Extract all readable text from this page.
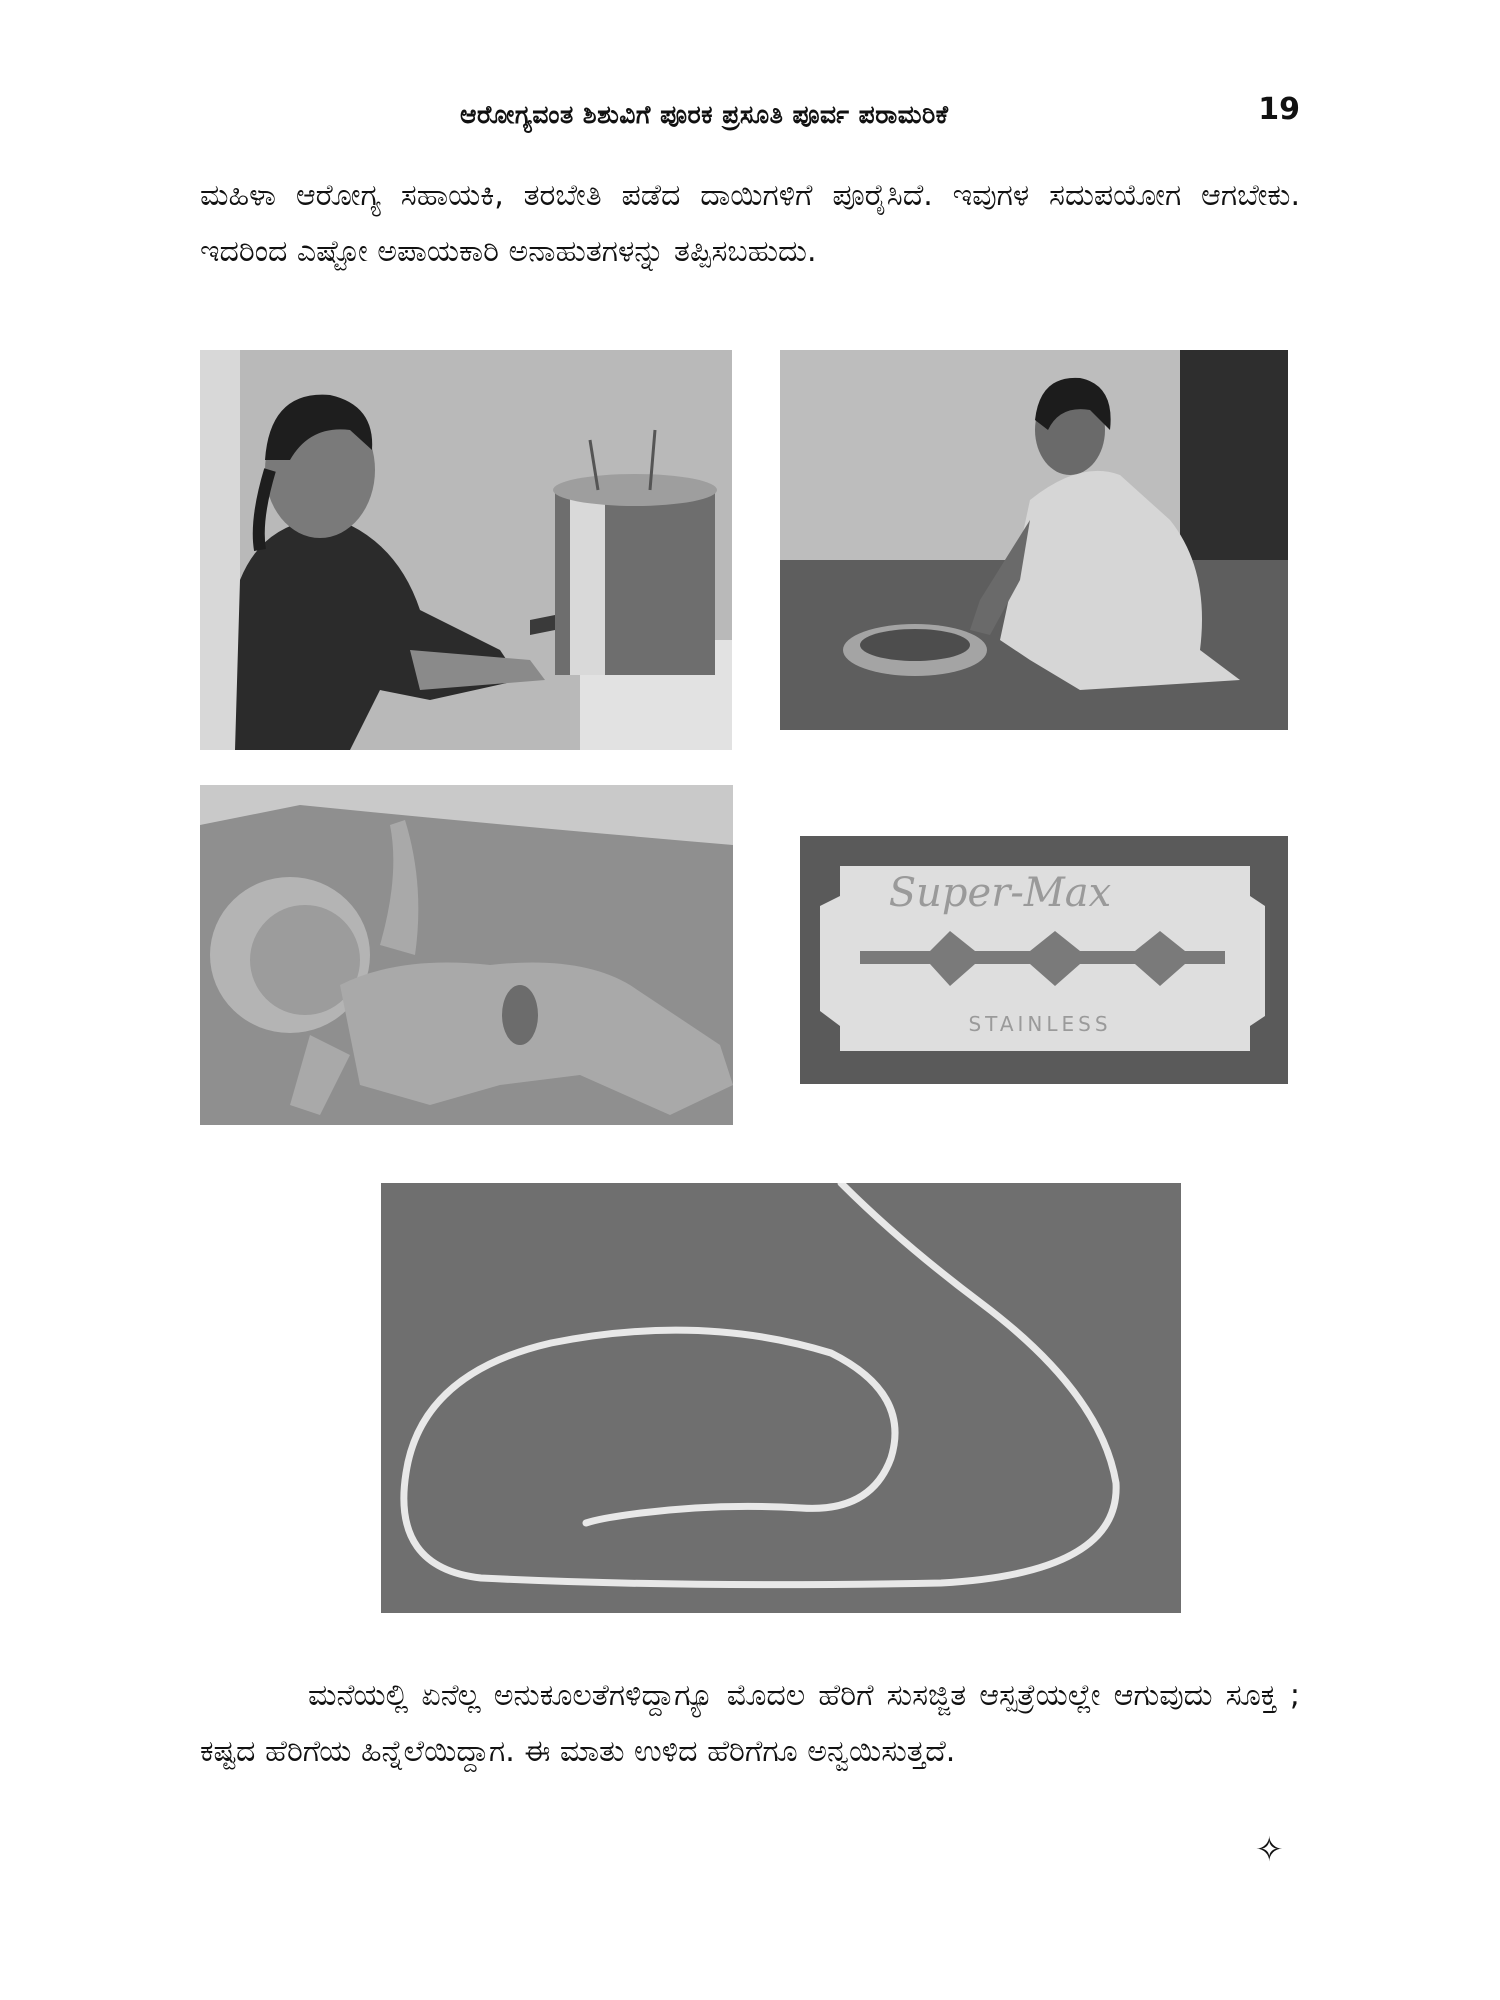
ಆರೋಗ್ಯವಂತ ಶಿಶುವಿಗೆ ಪೂರಕ ಪ್ರಸೂತಿ ಪೂರ್ವ ಪರಾಮರಿಕೆ	19

ಮಹಿಳಾ ಆರೋಗ್ಯ ಸಹಾಯಕಿ, ತರಬೇತಿ ಪಡೆದ ದಾಯಿಗಳಿಗೆ ಪೂರೈಸಿದೆ. ಇವುಗಳ ಸದುಪಯೋಗ ಆಗಬೇಕು. ಇದರಿಂದ ಎಷ್ಟೋ ಅಪಾಯಕಾರಿ ಅನಾಹುತಗಳನ್ನು ತಪ್ಪಿಸಬಹುದು.

Super-Max
STAINLESS

ಮನೆಯಲ್ಲಿ ಏನೆಲ್ಲ ಅನುಕೂಲತೆಗಳಿದ್ದಾಗ್ಯೂ ಮೊದಲ ಹೆರಿಗೆ ಸುಸಜ್ಜಿತ ಆಸ್ಪತ್ರೆಯಲ್ಲೇ ಆಗುವುದು ಸೂಕ್ತ ; ಕಷ್ಟದ ಹೆರಿಗೆಯ ಹಿನ್ನೆಲೆಯಿದ್ದಾಗ. ಈ ಮಾತು ಉಳಿದ ಹೆರಿಗೆಗೂ ಅನ್ವಯಿಸುತ್ತದೆ.

✧
